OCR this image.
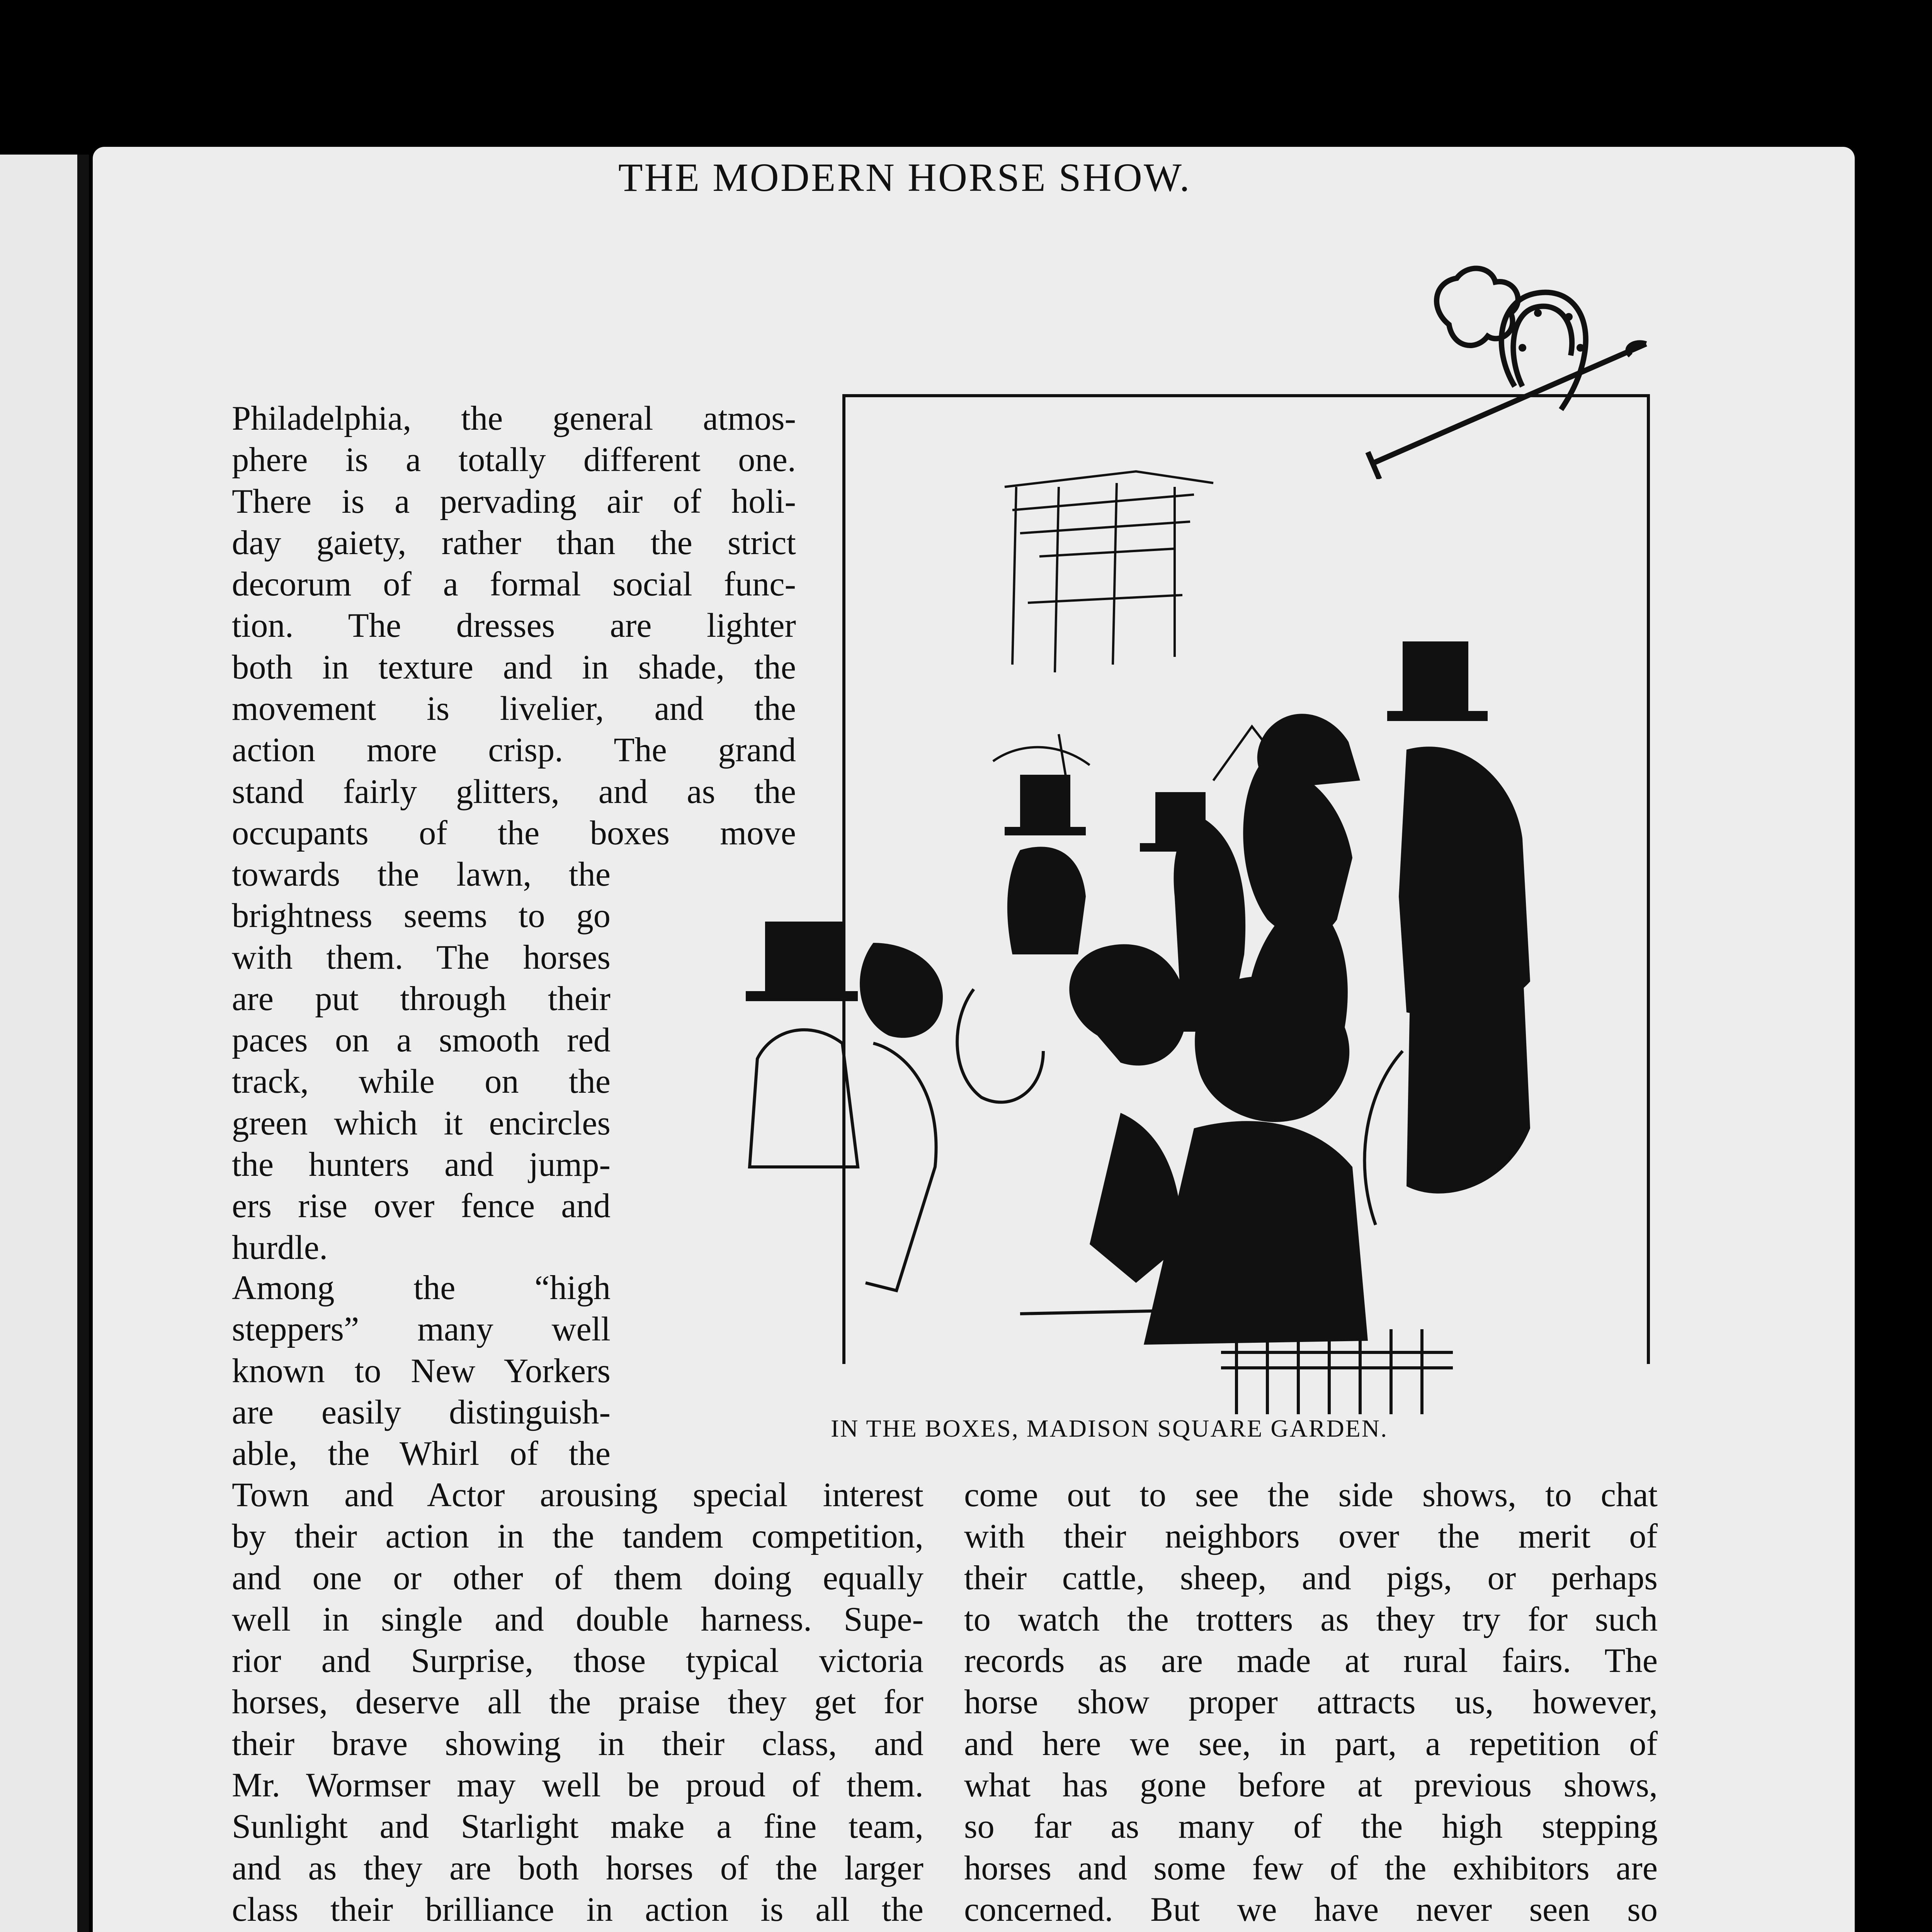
THE MODERN HORSE SHOW.
IN THE BOXES, MADISON SQUARE GARDEN.
Philadelphia, the general atmos-
phere is a totally different one.
There is a pervading air of holi-
day gaiety, rather than the strict
decorum of a formal social func-
tion. The dresses are lighter
both in texture and in shade, the
movement is livelier, and the
action more crisp. The grand
stand fairly glitters, and as the
occupants of the boxes move
towards the lawn, the
brightness seems to go
with them. The horses
are put through their
paces on a smooth red
track, while on the
green which it encircles
the hunters and jump-
ers rise over fence and
hurdle.
Among the “high
steppers” many well
known to New Yorkers
are easily distinguish-
able, the Whirl of the
Town and Actor arousing special interest
by their action in the tandem competition,
and one or other of them doing equally
well in single and double harness. Supe-
rior and Surprise, those typical victoria
horses, deserve all the praise they get for
their brave showing in their class, and
Mr. Wormser may well be proud of them.
Sunlight and Starlight make a fine team,
and as they are both horses of the larger
class their brilliance in action is all the
come out to see the side shows, to chat
with their neighbors over the merit of
their cattle, sheep, and pigs, or perhaps
to watch the trotters as they try for such
records as are made at rural fairs. The
horse show proper attracts us, however,
and here we see, in part, a repetition of
what has gone before at previous shows,
so far as many of the high stepping
horses and some few of the exhibitors are
concerned. But we have never seen so
